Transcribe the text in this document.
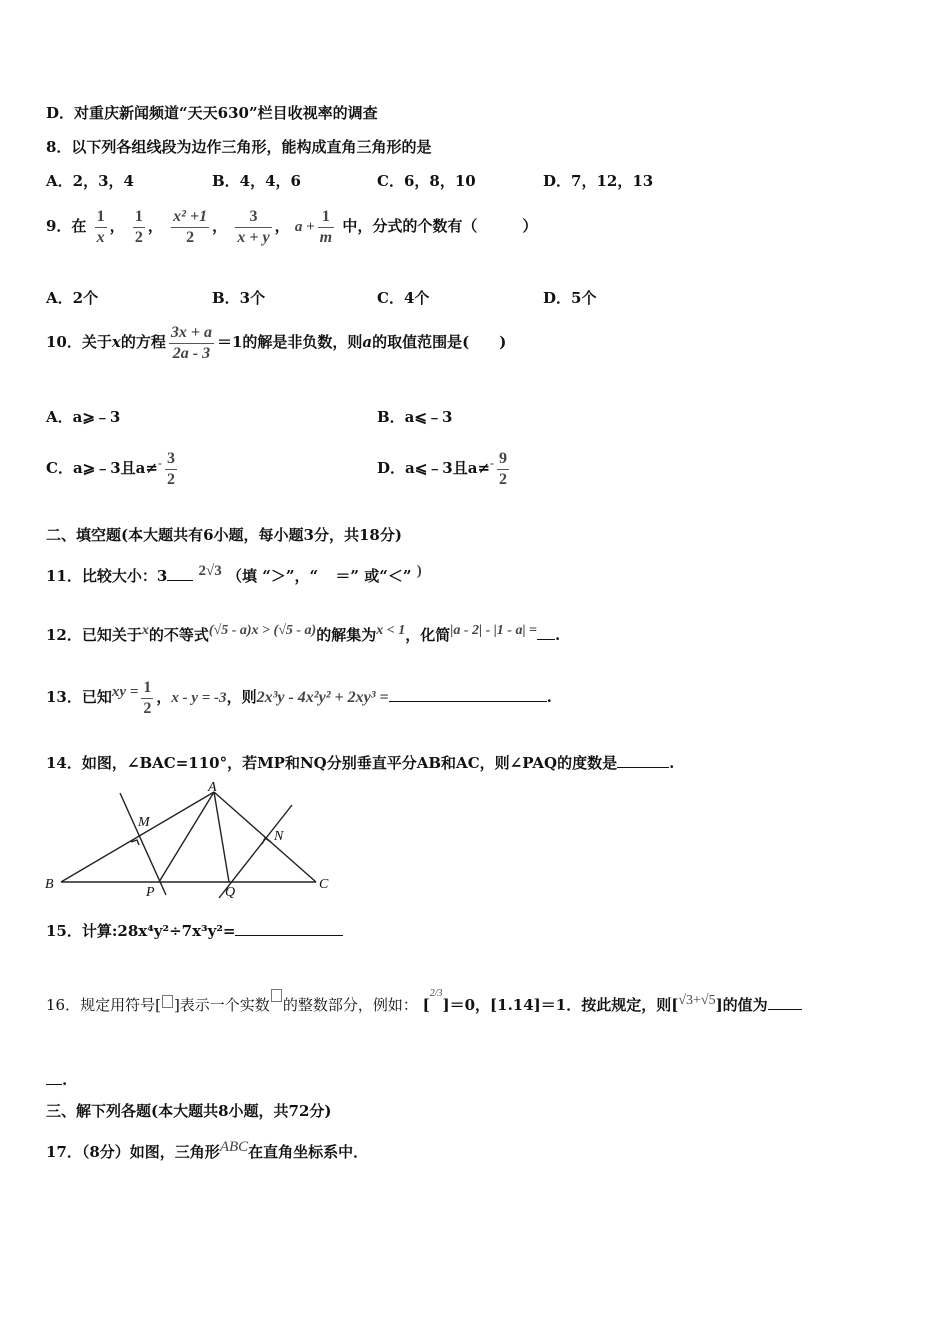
D．对重庆新闻频道“天天630”栏目收视率的调查
8．以下列各组线段为边作三角形，能构成直角三角形的是
A．2，3，4	B．4，4，6	C．6，8，10	D．7，12，13
9．在 $\frac{1}{x}$ ， $\frac{1}{2}$ ， $\frac{\text{x² +1}}{2}$ ， $\frac{3}{x + y}$ ， $a + \frac{1}{m}$ 中，分式的个数有（　　　）
A．2个	B．3个	C．4个	D．5个
10．关于x的方程 $\frac{3x + a}{2a - 3} =1$的解是非负数，则a的取值范围是(　　)
A．a⩾﹣3	B．a⩽﹣3
C．a⩾﹣3且$a\ne^- \frac{3}{2}$	D．a⩽﹣3且$a\ne^- \frac{9}{2}$
二、填空题(本大题共有6小题，每小题3分，共18分)
11．比较大小：3 $^{2√3}$ （填 “＞”，“ ＝” 或“＜” )
12．已知关于$^x$的不等式$^{(√5 - a)x > (√5 - a)}$的解集为$^{x < 1}$，化简$^{|a - 2| - |1 - a| =}$ .
13．已知$^{xy =} \frac{1}{2}$ ，x - y = -3，则2x³y - 4x²y² + 2xy³ =	.
14．如图，∠BAC=110°，若MP和NQ分别垂直平分AB和AC，则∠PAQ的度数是	.
A
B	C
M
N
P	Q
15．计算:28x⁴y²÷7x³y²=
16．规定用符号[ ]表示一个实数 的整数部分，例如： [$^{2/3}$]＝0，[1.14]＝1．按此规定，则[$^{√3+√5}$]的值为
.
三、解下列各题(本大题共8小题，共72分)
17．（8分）如图，三角形$^{ABC}$在直角坐标系中．
